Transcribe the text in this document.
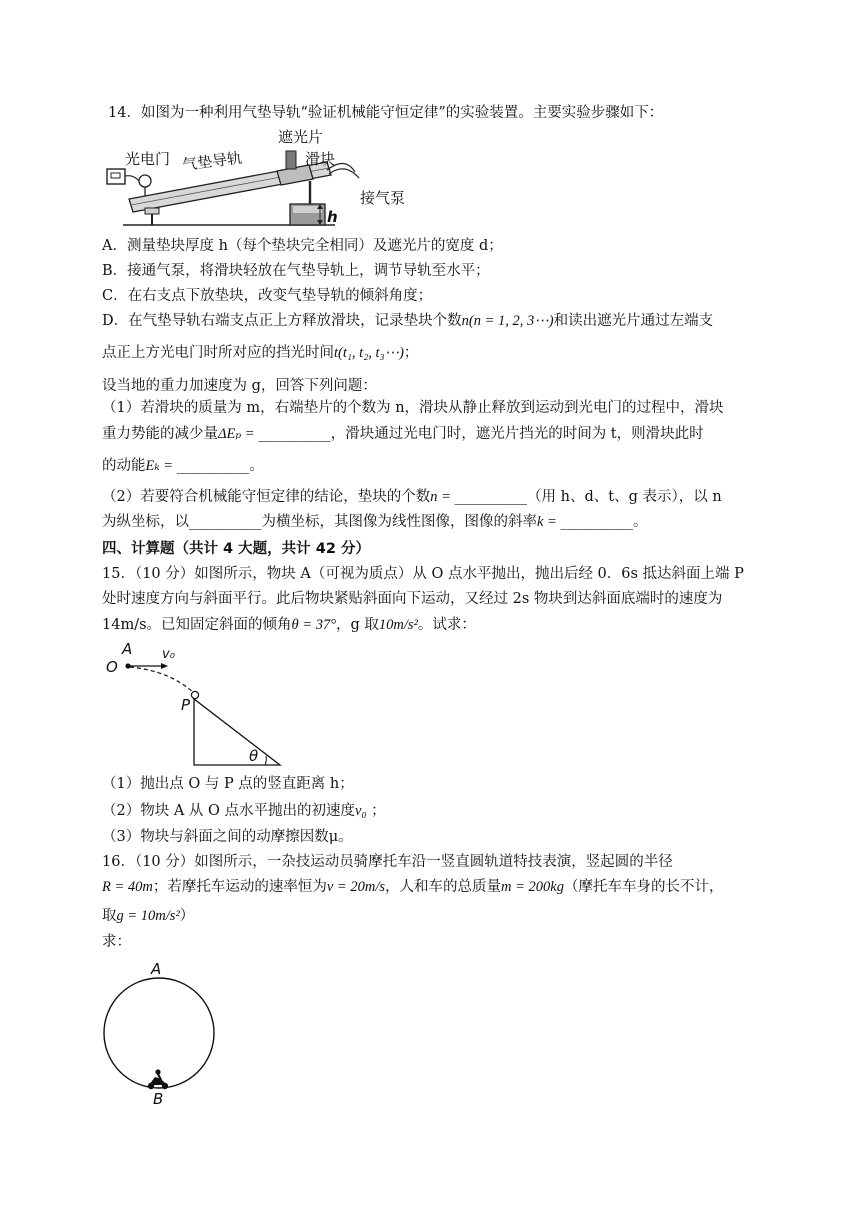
14．如图为一种利用气垫导轨“验证机械能守恒定律”的实验装置。主要实验步骤如下：
光电门 气垫导轨
遮光片
滑块
接气泵
h
A．测量垫块厚度 h（每个垫块完全相同）及遮光片的宽度 d；
B．接通气泵，将滑块轻放在气垫导轨上，调节导轨至水平；
C．在右支点下放垫块，改变气垫导轨的倾斜角度；
D．在气垫导轨右端支点正上方释放滑块，记录垫块个数n(n = 1, 2, 3⋯)和读出遮光片通过左端支
点正上方光电门时所对应的挡光时间t(t₁, t₂, t₃⋯)；
设当地的重力加速度为 g，回答下列问题：
（1）若滑块的质量为 m，右端垫片的个数为 n，滑块从静止释放到运动到光电门的过程中，滑块
重力势能的减少量ΔEₚ = __________，滑块通过光电门时，遮光片挡光的时间为 t，则滑块此时
的动能Eₖ = __________。
（2）若要符合机械能守恒定律的结论，垫块的个数n = __________（用 h、d、t、g 表示），以 n
为纵坐标，以__________为横坐标，其图像为线性图像，图像的斜率k = __________。
四、计算题（共计 4 大题，共计 42 分）
15．（10 分）如图所示，物块 A（可视为质点）从 O 点水平抛出，抛出后经 0．6s 抵达斜面上端 P
处时速度方向与斜面平行。此后物块紧贴斜面向下运动，又经过 2s 物块到达斜面底端时的速度为
14m/s。已知固定斜面的倾角θ = 37°，g 取10m/s²。试求：
A
O
v₀
P
θ
（1）抛出点 O 与 P 点的竖直距离 h；
（2）物块 A 从 O 点水平抛出的初速度v₀ ；
（3）物块与斜面之间的动摩擦因数μ。
16．（10 分）如图所示，一杂技运动员骑摩托车沿一竖直圆轨道特技表演，竖起圆的半径
R = 40m；若摩托车运动的速率恒为v = 20m/s，人和车的总质量m = 200kg（摩托车车身的长不计，
取g = 10m/s²）
求：
A
B
